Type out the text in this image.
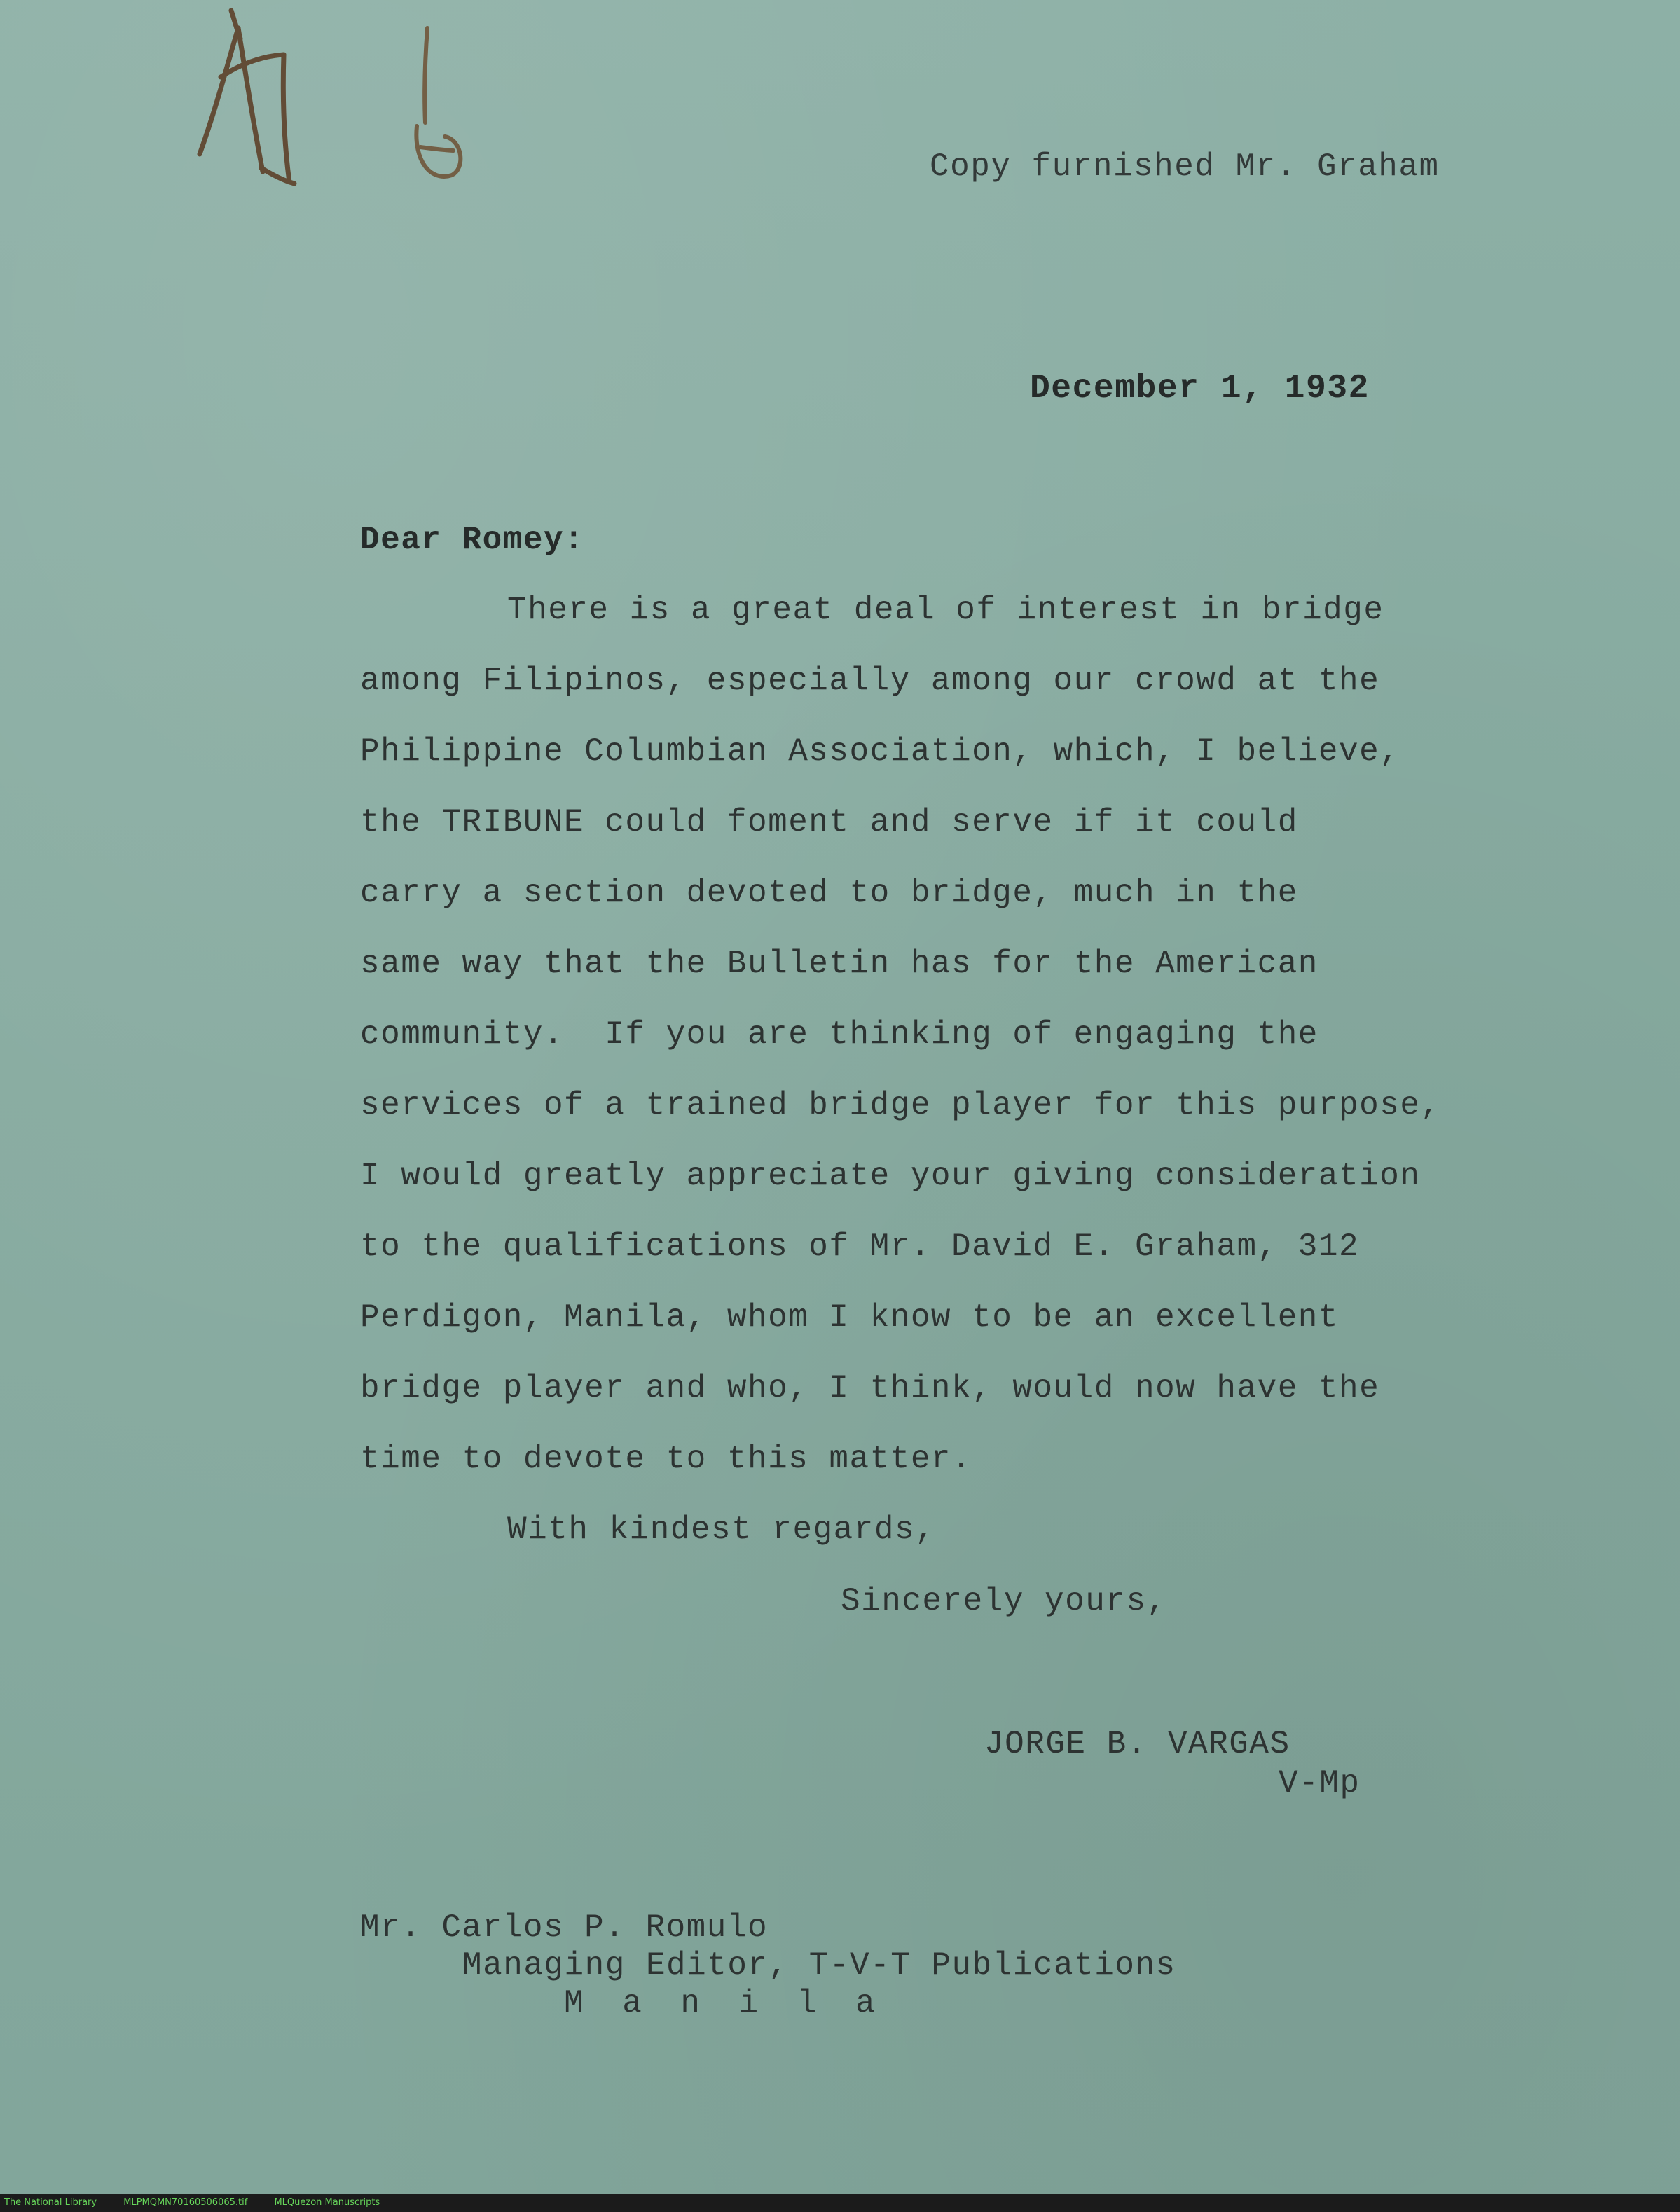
Copy furnished Mr. Graham
December 1, 1932
Dear Romey:
There is a great deal of interest in bridge
among Filipinos, especially among our crowd at the
Philippine Columbian Association, which, I believe,
the TRIBUNE could foment and serve if it could
carry a section devoted to bridge, much in the
same way that the Bulletin has for the American
community.  If you are thinking of engaging the
services of a trained bridge player for this purpose,
I would greatly appreciate your giving consideration
to the qualifications of Mr. David E. Graham, 312
Perdigon, Manila, whom I know to be an excellent
bridge player and who, I think, would now have the
time to devote to this matter.
With kindest regards,
Sincerely yours,
JORGE B. VARGAS
V-Mp
Mr. Carlos P. Romulo
Managing Editor, T-V-T Publications
M a n i l a
The National Library	MLPMQMN70160506065.tif	MLQuezon Manuscripts
